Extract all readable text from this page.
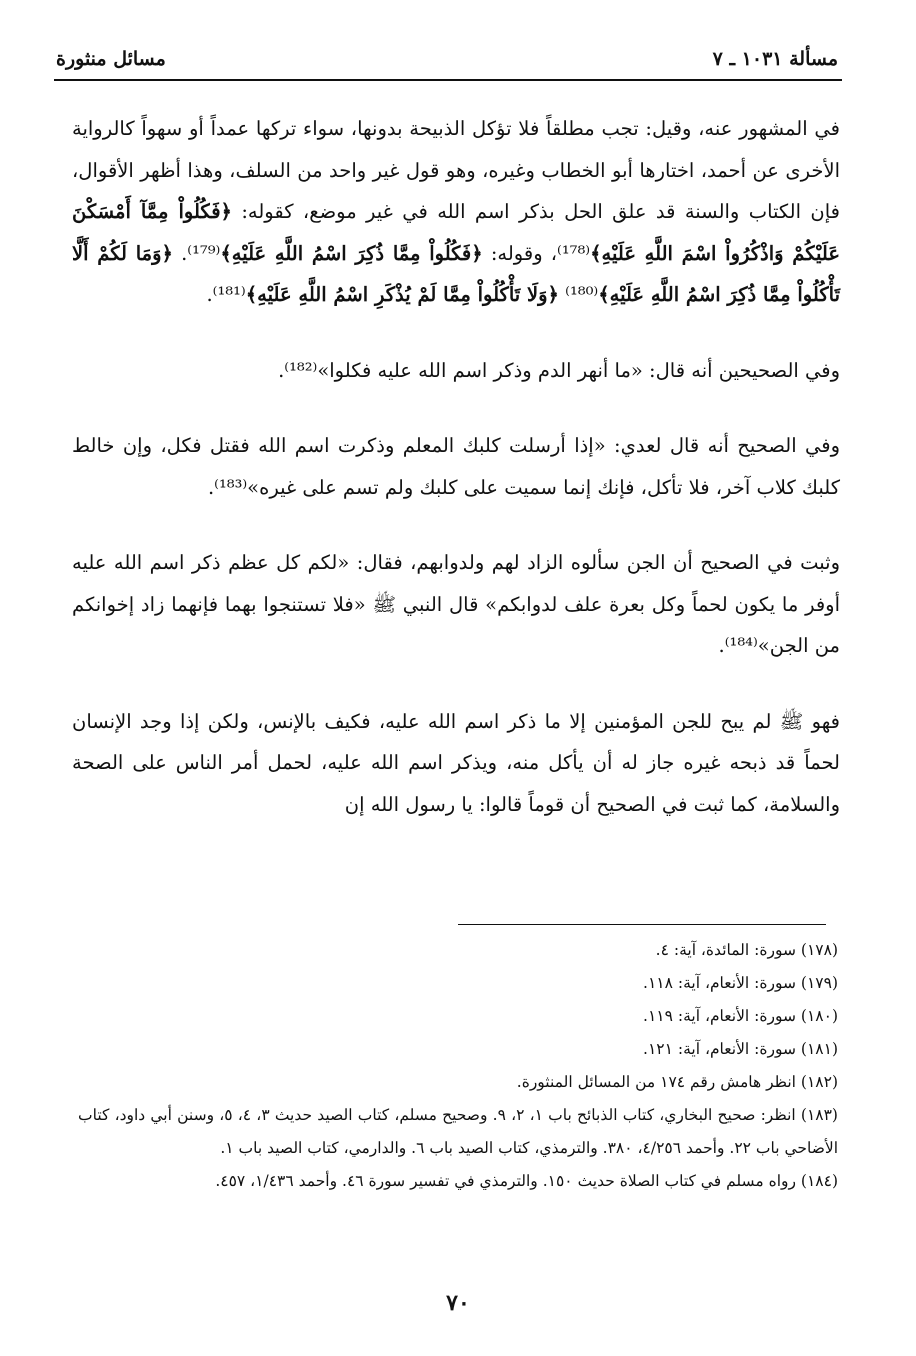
مسألة ١٠٣١ ـ ٧
مسائل منثورة

في المشهور عنه، وقيل: تجب مطلقاً فلا تؤكل الذبيحة بدونها، سواء تركها عمداً أو سهواً كالرواية الأخرى عن أحمد، اختارها أبو الخطاب وغيره، وهو قول غير واحد من السلف، وهذا أظهر الأقوال، فإن الكتاب والسنة قد علق الحل بذكر اسم الله في غير موضع، كقوله: ﴿فَكُلُواْ مِمَّآ أَمْسَكْنَ عَلَيْكُمْ وَاذْكُرُواْ اسْمَ اللَّهِ عَلَيْهِ﴾⁽¹⁷⁸⁾، وقوله: ﴿فَكُلُواْ مِمَّا ذُكِرَ اسْمُ اللَّهِ عَلَيْهِ﴾⁽¹⁷⁹⁾. ﴿وَمَا لَكُمْ أَلَّا تَأْكُلُواْ مِمَّا ذُكِرَ اسْمُ اللَّهِ عَلَيْهِ﴾⁽¹⁸⁰⁾ ﴿وَلَا تَأْكُلُواْ مِمَّا لَمْ يُذْكَرِ اسْمُ اللَّهِ عَلَيْهِ﴾⁽¹⁸¹⁾.

وفي الصحيحين أنه قال: «ما أنهر الدم وذكر اسم الله عليه فكلوا»⁽¹⁸²⁾.

وفي الصحيح أنه قال لعدي: «إذا أرسلت كلبك المعلم وذكرت اسم الله فقتل فكل، وإن خالط كلبك كلاب آخر، فلا تأكل، فإنك إنما سميت على كلبك ولم تسم على غيره»⁽¹⁸³⁾.

وثبت في الصحيح أن الجن سألوه الزاد لهم ولدوابهم، فقال: «لكم كل عظم ذكر اسم الله عليه أوفر ما يكون لحماً وكل بعرة علف لدوابكم» قال النبي ﷺ «فلا تستنجوا بهما فإنهما زاد إخوانكم من الجن»⁽¹⁸⁴⁾.

فهو ﷺ لم يبح للجن المؤمنين إلا ما ذكر اسم الله عليه، فكيف بالإنس، ولكن إذا وجد الإنسان لحماً قد ذبحه غيره جاز له أن يأكل منه، ويذكر اسم الله عليه، لحمل أمر الناس على الصحة والسلامة، كما ثبت في الصحيح أن قوماً قالوا: يا رسول الله إن

(١٧٨) سورة: المائدة، آية: ٤.

(١٧٩) سورة: الأنعام، آية: ١١٨.

(١٨٠) سورة: الأنعام، آية: ١١٩.

(١٨١) سورة: الأنعام، آية: ١٢١.

(١٨٢) انظر هامش رقم ١٧٤ من المسائل المنثورة.

(١٨٣) انظر: صحيح البخاري، كتاب الذبائح باب ١، ٢، ٩. وصحيح مسلم، كتاب الصيد حديث ٣، ٤، ٥، وسنن أبي داود، كتاب الأضاحي باب ٢٢. وأحمد ٤/٢٥٦، ٣٨٠. والترمذي، كتاب الصيد باب ٦. والدارمي، كتاب الصيد باب ١.

(١٨٤) رواه مسلم في كتاب الصلاة حديث ١٥٠. والترمذي في تفسير سورة ٤٦. وأحمد ١/٤٣٦، ٤٥٧.

٧٠
